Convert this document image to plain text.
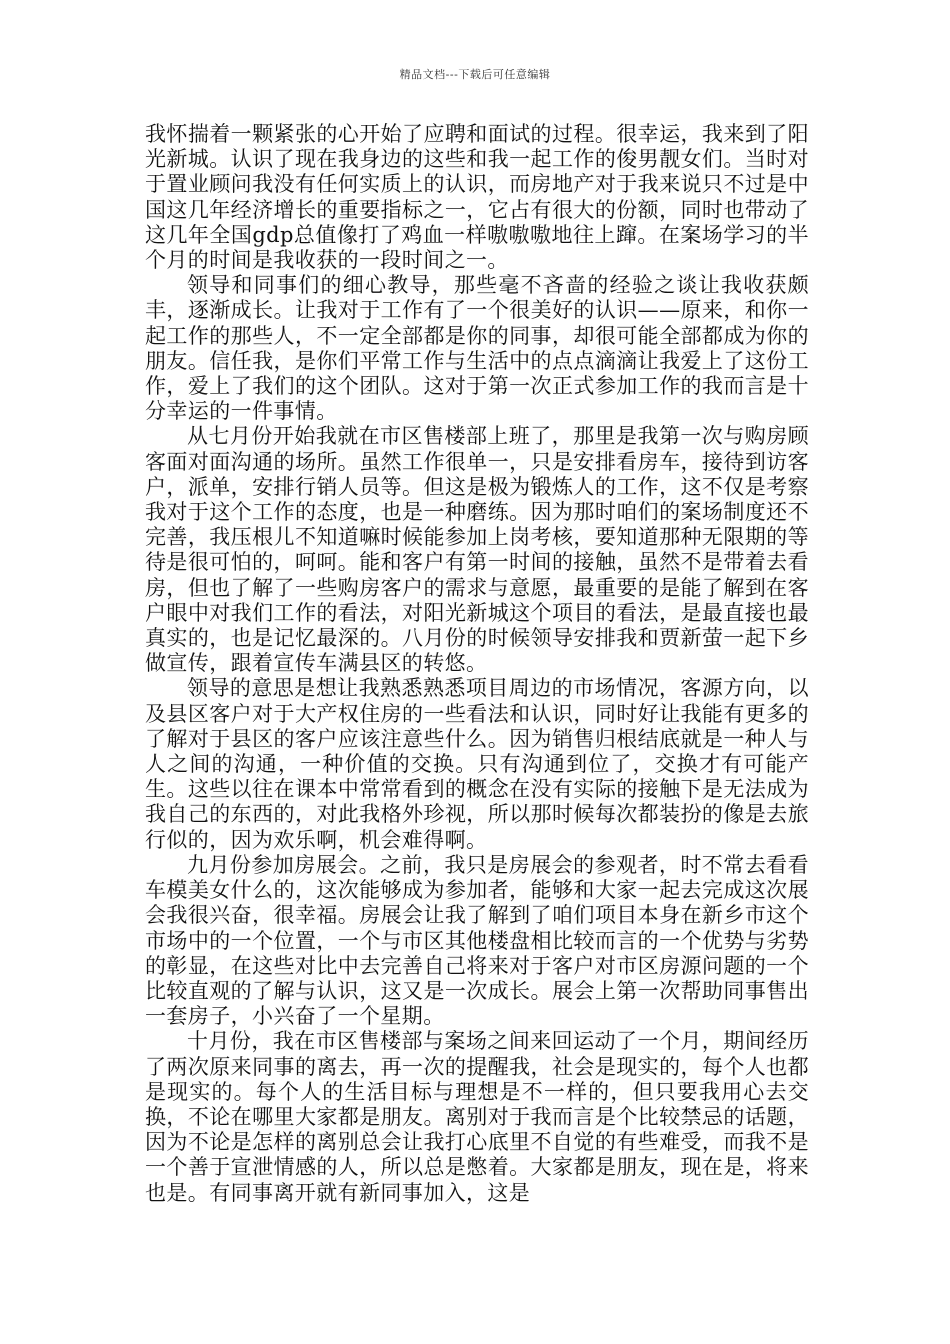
精品文档---下载后可任意编辑

我怀揣着一颗紧张的心开始了应聘和面试的过程。很幸运，我来到了阳光新城。认识了现在我身边的这些和我一起工作的俊男靓女们。当时对于置业顾问我没有任何实质上的认识，而房地产对于我来说只不过是中国这几年经济增长的重要指标之一，它占有很大的份额，同时也带动了这几年全国gdp总值像打了鸡血一样嗷嗷嗷地往上蹿。在案场学习的半个月的时间是我收获的一段时间之一。

领导和同事们的细心教导，那些毫不吝啬的经验之谈让我收获颇丰，逐渐成长。让我对于工作有了一个很美好的认识——原来，和你一起工作的那些人，不一定全部都是你的同事，却很可能全部都成为你的朋友。信任我，是你们平常工作与生活中的点点滴滴让我爱上了这份工作，爱上了我们的这个团队。这对于第一次正式参加工作的我而言是十分幸运的一件事情。

从七月份开始我就在市区售楼部上班了，那里是我第一次与购房顾客面对面沟通的场所。虽然工作很单一，只是安排看房车，接待到访客户，派单，安排行销人员等。但这是极为锻炼人的工作，这不仅是考察我对于这个工作的态度，也是一种磨练。因为那时咱们的案场制度还不完善，我压根儿不知道嘛时候能参加上岗考核，要知道那种无限期的等待是很可怕的，呵呵。能和客户有第一时间的接触，虽然不是带着去看房，但也了解了一些购房客户的需求与意愿，最重要的是能了解到在客户眼中对我们工作的看法，对阳光新城这个项目的看法，是最直接也最真实的，也是记忆最深的。八月份的时候领导安排我和贾新萤一起下乡做宣传，跟着宣传车满县区的转悠。

领导的意思是想让我熟悉熟悉项目周边的市场情况，客源方向，以及县区客户对于大产权住房的一些看法和认识，同时好让我能有更多的了解对于县区的客户应该注意些什么。因为销售归根结底就是一种人与人之间的沟通，一种价值的交换。只有沟通到位了，交换才有可能产生。这些以往在课本中常常看到的概念在没有实际的接触下是无法成为我自己的东西的，对此我格外珍视，所以那时候每次都装扮的像是去旅行似的，因为欢乐啊，机会难得啊。

九月份参加房展会。之前，我只是房展会的参观者，时不常去看看车模美女什么的，这次能够成为参加者，能够和大家一起去完成这次展会我很兴奋，很幸福。房展会让我了解到了咱们项目本身在新乡市这个市场中的一个位置，一个与市区其他楼盘相比较而言的一个优势与劣势的彰显，在这些对比中去完善自己将来对于客户对市区房源问题的一个比较直观的了解与认识，这又是一次成长。展会上第一次帮助同事售出一套房子，小兴奋了一个星期。

十月份，我在市区售楼部与案场之间来回运动了一个月，期间经历了两次原来同事的离去，再一次的提醒我，社会是现实的，每个人也都是现实的。每个人的生活目标与理想是不一样的，但只要我用心去交换，不论在哪里大家都是朋友。离别对于我而言是个比较禁忌的话题，因为不论是怎样的离别总会让我打心底里不自觉的有些难受，而我不是一个善于宣泄情感的人，所以总是憋着。大家都是朋友，现在是，将来也是。有同事离开就有新同事加入，这是
